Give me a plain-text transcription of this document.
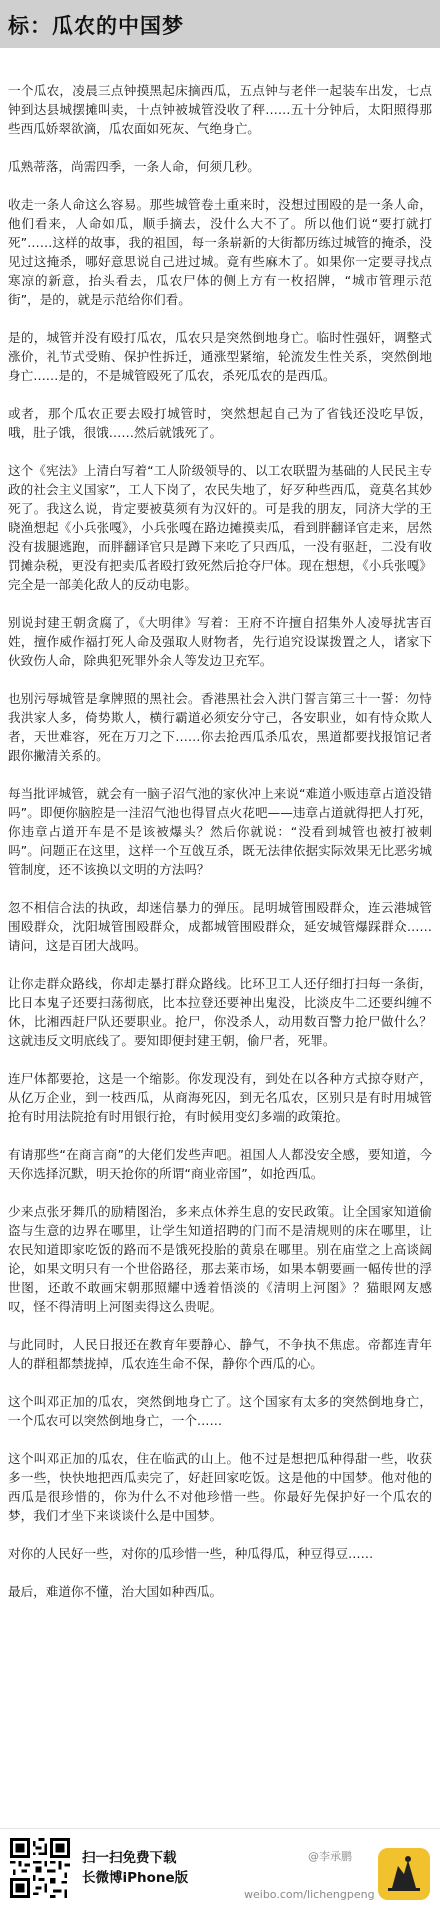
标：瓜农的中国梦

一个瓜农，凌晨三点钟摸黑起床摘西瓜，五点钟与老伴一起装车出发，七点钟到达县城摆摊叫卖，十点钟被城管没收了秤……五十分钟后，太阳照得那些西瓜娇翠欲滴，瓜农面如死灰、气绝身亡。

瓜熟蒂落，尚需四季，一条人命，何须几秒。

收走一条人命这么容易。那些城管卷土重来时，没想过围殴的是一条人命，他们看来，人命如瓜，顺手摘去，没什么大不了。所以他们说“要打就打死”……这样的故事，我的祖国，每一条崭新的大街都历练过城管的掩杀，没见过这掩杀，哪好意思说自己进过城。竟有些麻木了。如果你一定要寻找点寒凉的新意，抬头看去，瓜农尸体的侧上方有一枚招牌，“城市管理示范街”，是的，就是示范给你们看。

是的，城管并没有殴打瓜农，瓜农只是突然倒地身亡。临时性强奸，调整式涨价，礼节式受贿、保护性拆迁，通涨型紧缩，轮流发生性关系，突然倒地身亡……是的，不是城管殴死了瓜农，杀死瓜农的是西瓜。

或者，那个瓜农正要去殴打城管时，突然想起自己为了省钱还没吃早饭，哦，肚子饿，很饿……然后就饿死了。

这个《宪法》上清白写着“工人阶级领导的、以工农联盟为基础的人民民主专政的社会主义国家”，工人下岗了，农民失地了，好歹种些西瓜，竟莫名其妙死了。我这么说，肯定要被莫须有为汉奸的。可是我的朋友，同济大学的王晓渔想起《小兵张嘎》，小兵张嘎在路边摊摸卖瓜，看到胖翻译官走来，居然没有拔腿逃跑，而胖翻译官只是蹲下来吃了只西瓜，一没有驱赶，二没有收罚摊杂税，更没有把卖瓜者殴打致死然后抢夺尸体。现在想想，《小兵张嘎》完全是一部美化敌人的反动电影。

别说封建王朝贪腐了，《大明律》写着：王府不许擅自招集外人凌辱扰害百姓，擅作威作福打死人命及强取人财物者，先行追究设谋拨置之人，诸家下伙致伤人命，除典犯死罪外余人等发边卫充军。

也别污辱城管是拿牌照的黑社会。香港黑社会入洪门誓言第三十一誓：勿恃我洪家人多，倚势欺人，横行霸道必须安分守己，各安职业，如有恃众欺人者，天世难容，死在万刀之下……你去抢西瓜杀瓜农，黑道都要找报馆记者跟你撇清关系的。

每当批评城管，就会有一脑子沼气池的家伙冲上来说“难道小贩违章占道没错吗”。即便你脑腔是一洼沼气池也得冒点火花吧——违章占道就得把人打死，你违章占道开车是不是该被爆头？然后你就说：“没看到城管也被打被刺吗”。问题正在这里，这样一个互戗互杀，既无法律依据实际效果无比恶劣城管制度，还不该换以文明的方法吗？

忽不相信合法的执政，却迷信暴力的弹压。昆明城管围殴群众，连云港城管围殴群众，沈阳城管围殴群众，成都城管围殴群众，延安城管爆踩群众……请问，这是百团大战吗。

让你走群众路线，你却走暴打群众路线。比环卫工人还仔细打扫每一条街，比日本鬼子还要扫荡彻底，比本拉登还要神出鬼没，比淡皮牛二还要纠缠不休，比湘西赶尸队还要职业。抢尸，你没杀人，动用数百警力抢尸做什么？这就违反文明底线了。要知即便封建王朝，偷尸者，死罪。

连尸体都要抢，这是一个缩影。你发现没有，到处在以各种方式掠夺财产，从亿万企业，到一枝西瓜，从商海死囚，到无名瓜农，区别只是有时用城管抢有时用法院抢有时用银行抢，有时候用变幻多端的政策抢。

有请那些“在商言商”的大佬们发些声吧。祖国人人都没安全感，要知道，今天你选择沉默，明天抢你的所谓“商业帝国”，如抢西瓜。

少来点张牙舞爪的励精图治，多来点休养生息的安民政策。让全国家知道偷盗与生意的边界在哪里，让学生知道招聘的门而不是清规则的床在哪里，让农民知道即家吃饭的路而不是饿死投胎的黄泉在哪里。别在庙堂之上高谈阔论，如果文明只有一个世俗路径，那去莱市场，如果本朝要画一幅传世的浮世图，还敢不敢画宋朝那照耀中透着悟淡的《清明上河图》？猫眼网友感叹，怪不得清明上河图卖得这么贵呢。

与此同时，人民日报还在教育年要静心、静气，不争执不焦虑。帝都连青年人的群租都禁拢掉，瓜农连生命不保，静你个西瓜的心。

这个叫邓正加的瓜农，突然倒地身亡了。这个国家有太多的突然倒地身亡，一个瓜农可以突然倒地身亡，一个……

这个叫邓正加的瓜农，住在临武的山上。他不过是想把瓜种得甜一些，收获多一些，快快地把西瓜卖完了，好赶回家吃饭。这是他的中国梦。他对他的西瓜是很珍惜的，你为什么不对他珍惜一些。你最好先保护好一个瓜农的梦，我们才坐下来谈谈什么是中国梦。

对你的人民好一些，对你的瓜珍惜一些，种瓜得瓜，种豆得豆……

最后，难道你不懂，治大国如种西瓜。

扫一扫免费下载
长微博iPhone版
@李承鹏
weibo.com/lichengpeng
